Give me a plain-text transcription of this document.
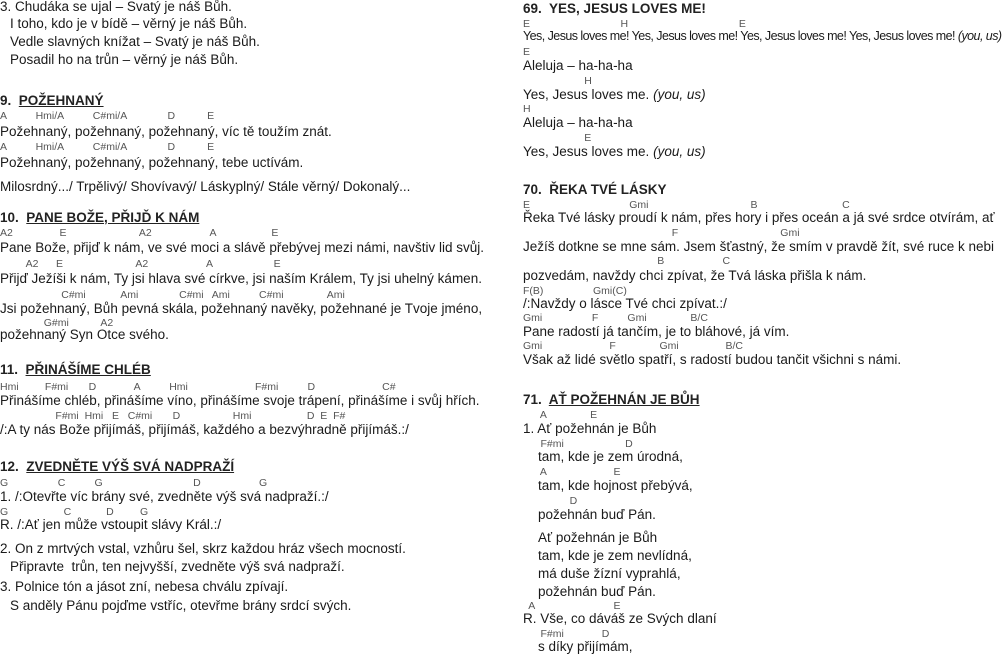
3. Chudáka se ujal – Svatý je náš Bůh.
I toho, kdo je v bídě – věrný je náš Bůh.
Vedle slavných knížat – Svatý je náš Bůh.
Posadil ho na trůn – věrný je náš Bůh.
9. POŽEHNANÝ
A          Hmi/A          C#mi/A              D           E
Požehnaný, požehnaný, požehnaný, víc tě toužím znát.
A          Hmi/A          C#mi/A              D           E
Požehnaný, požehnaný, požehnaný, tebe uctívám.
Milosrdný.../ Trpělivý/ Shovívavý/ Láskyplný/ Stále věrný/ Dokonalý...
10. PANE BOŽE, PŘIJĎ K NÁM
A2                E                         A2                    A                   E
Pane Bože, přijď k nám, ve své moci a slávě přebývej mezi námi, navštiv lid svůj.
A2      E                         A2                    A                     E
Přijď Ježíši k nám, Ty jsi hlava své církve, jsi naším Králem, Ty jsi uhelný kámen.
C#mi            Ami              C#mi   Ami          C#mi               Ami
Jsi požehnaný, Bůh pevná skála, požehnaný navěky, požehnané je Tvoje jméno,
G#mi           A2
požehnaný Syn Otce svého.
11. PŘINÁŠÍME CHLÉB
Hmi         F#mi       D             A          Hmi                       F#mi          D                       C#
Přinášíme chléb, přinášíme víno, přinášíme svoje trápení, přinášíme i svůj hřích.
F#mi  Hmi   E   C#mi       D                  Hmi                   D  E  F#
/:A ty nás Bože přijímáš, přijímáš, každého a bezvýhradně přijímáš.:/
12. ZVEDNĚTE VÝŠ SVÁ NADPRAŽÍ
G                 C          G                               D                    G
1. /:Otevřte víc brány své, zvedněte výš svá nadpraží.:/
G                   C            D         G
R. /:Ať jen může vstoupit slávy Král.:/
2. On z mrtvých vstal, vzhůru šel, skrz každou hráz všech mocností.
Připravte  trůn, ten nejvyšší, zvedněte výš svá nadpraží.
3. Polnice tón a jásot zní, nebesa chválu zpívají.
S anděly Pánu pojďme vstříc, otevřme brány srdcí svých.
69. YES, JESUS LOVES ME!
E                               H                                      E
Yes, Jesus loves me! Yes, Jesus loves me! Yes, Jesus loves me! Yes, Jesus loves me! (you, us)
E
Aleluja – ha-ha-ha
H
Yes, Jesus loves me. (you, us)
H
Aleluja – ha-ha-ha
E
Yes, Jesus loves me. (you, us)
70. ŘEKA TVÉ LÁSKY
E                                  Gmi                                   B                             C
Řeka Tvé lásky proudí k nám, přes hory i přes oceán a já své srdce otvírám, ať
F                                   Gmi
Ježíš dotkne se mne sám. Jsem šťastný, že smím v pravdě žít, své ruce k nebi
B                    C
pozvedám, navždy chci zpívat, že Tvá láska přišla k nám.
F(B)                 Gmi(C)
/:Navždy o lásce Tvé chci zpívat.:/
Gmi                 F          Gmi               B/C
Pane radostí já tančím, je to bláhové, já vím.
Gmi                       F               Gmi                B/C
Však až lidé světlo spatří, s radostí budou tančit všichni s námi.
71. AŤ POŽEHNÁN JE BŮH
A               E
1. Ať požehnán je Bůh
F#mi                     D
tam, kde je zem úrodná,
A                       E
tam, kde hojnost přebývá,
D
požehnán buď Pán.
Ať požehnán je Bůh
tam, kde je zem nevlídná,
má duše žízní vyprahlá,
požehnán buď Pán.
A                           E
R. Vše, co dáváš ze Svých dlaní
F#mi             D
s díky přijímám,
